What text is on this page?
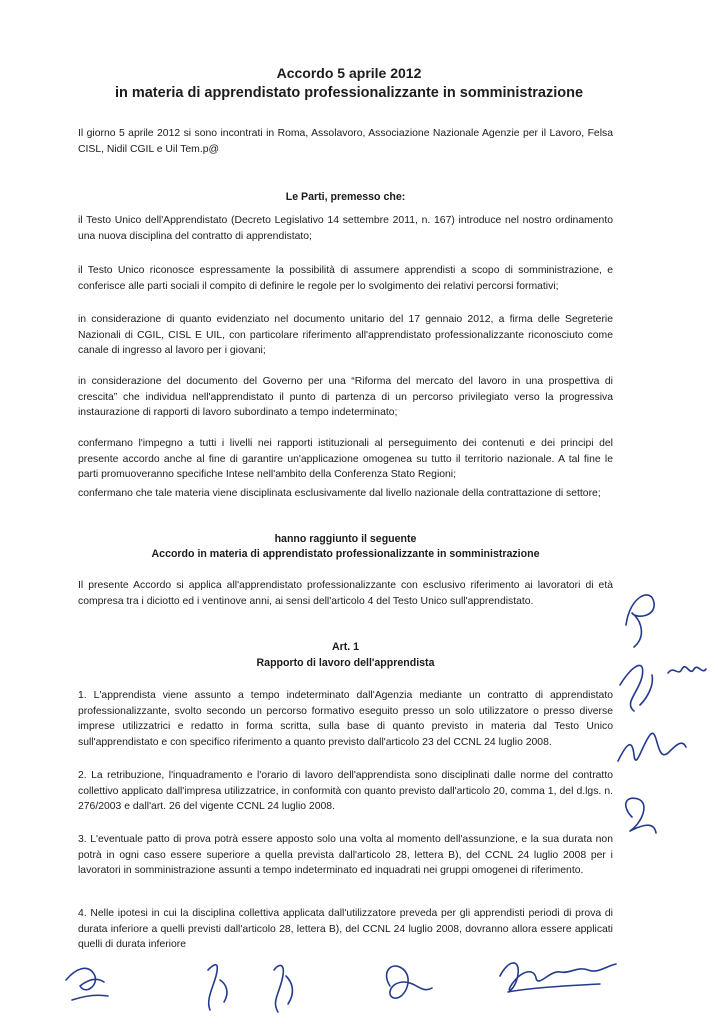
Accordo 5 aprile 2012
in materia di apprendistato professionalizzante in somministrazione
Il giorno 5 aprile 2012 si sono incontrati in Roma, Assolavoro, Associazione Nazionale Agenzie per il Lavoro, Felsa CISL, Nidil CGIL e Uil Tem.p@
Le Parti, premesso che:
il Testo Unico dell'Apprendistato (Decreto Legislativo 14 settembre 2011, n. 167) introduce nel nostro ordinamento una nuova disciplina del contratto di apprendistato;
il Testo Unico riconosce espressamente la possibilità di assumere apprendisti a scopo di somministrazione, e conferisce alle parti sociali il compito di definire le regole per lo svolgimento dei relativi percorsi formativi;
in considerazione di quanto evidenziato nel documento unitario del 17 gennaio 2012, a firma delle Segreterie Nazionali di CGIL, CISL E UIL, con particolare riferimento all'apprendistato professionalizzante riconosciuto come canale di ingresso al lavoro per i giovani;
in considerazione del documento del Governo per una “Riforma del mercato del lavoro in una prospettiva di crescita” che individua nell'apprendistato il punto di partenza di un percorso privilegiato verso la progressiva instaurazione di rapporti di lavoro subordinato a tempo indeterminato;
confermano l'impegno a tutti i livelli nei rapporti istituzionali al perseguimento dei contenuti e dei principi del presente accordo anche al fine di garantire un'applicazione omogenea su tutto il territorio nazionale. A tal fine le parti promuoveranno specifiche Intese nell'ambito della Conferenza Stato Regioni;
confermano che tale materia viene disciplinata esclusivamente dal livello nazionale della contrattazione di settore;
hanno raggiunto il seguente
Accordo in materia di apprendistato professionalizzante in somministrazione
Il presente Accordo si applica all'apprendistato professionalizzante con esclusivo riferimento ai lavoratori di età compresa tra i diciotto ed i ventinove anni, ai sensi dell'articolo 4 del Testo Unico sull'apprendistato.
Art. 1
Rapporto di lavoro dell'apprendista
1. L'apprendista viene assunto a tempo indeterminato dall'Agenzia mediante un contratto di apprendistato professionalizzante, svolto secondo un percorso formativo eseguito presso un solo utilizzatore o presso diverse imprese utilizzatrici e redatto in forma scritta, sulla base di quanto previsto in materia dal Testo Unico sull'apprendistato e con specifico riferimento a quanto previsto dall'articolo 23 del CCNL 24 luglio 2008.
2. La retribuzione, l'inquadramento e l'orario di lavoro dell'apprendista sono disciplinati dalle norme del contratto collettivo applicato dall'impresa utilizzatrice, in conformità con quanto previsto dall'articolo 20, comma 1, del d.lgs. n. 276/2003 e dall'art. 26 del vigente CCNL 24 luglio 2008.
3. L'eventuale patto di prova potrà essere apposto solo una volta al momento dell'assunzione, e la sua durata non potrà in ogni caso essere superiore a quella prevista dall'articolo 28, lettera B), del CCNL 24 luglio 2008 per i lavoratori in somministrazione assunti a tempo indeterminato ed inquadrati nei gruppi omogenei di riferimento.
4. Nelle ipotesi in cui la disciplina collettiva applicata dall'utilizzatore preveda per gli apprendisti periodi di prova di durata inferiore a quelli previsti dall'articolo 28, lettera B), del CCNL 24 luglio 2008, dovranno allora essere applicati quelli di durata inferiore
